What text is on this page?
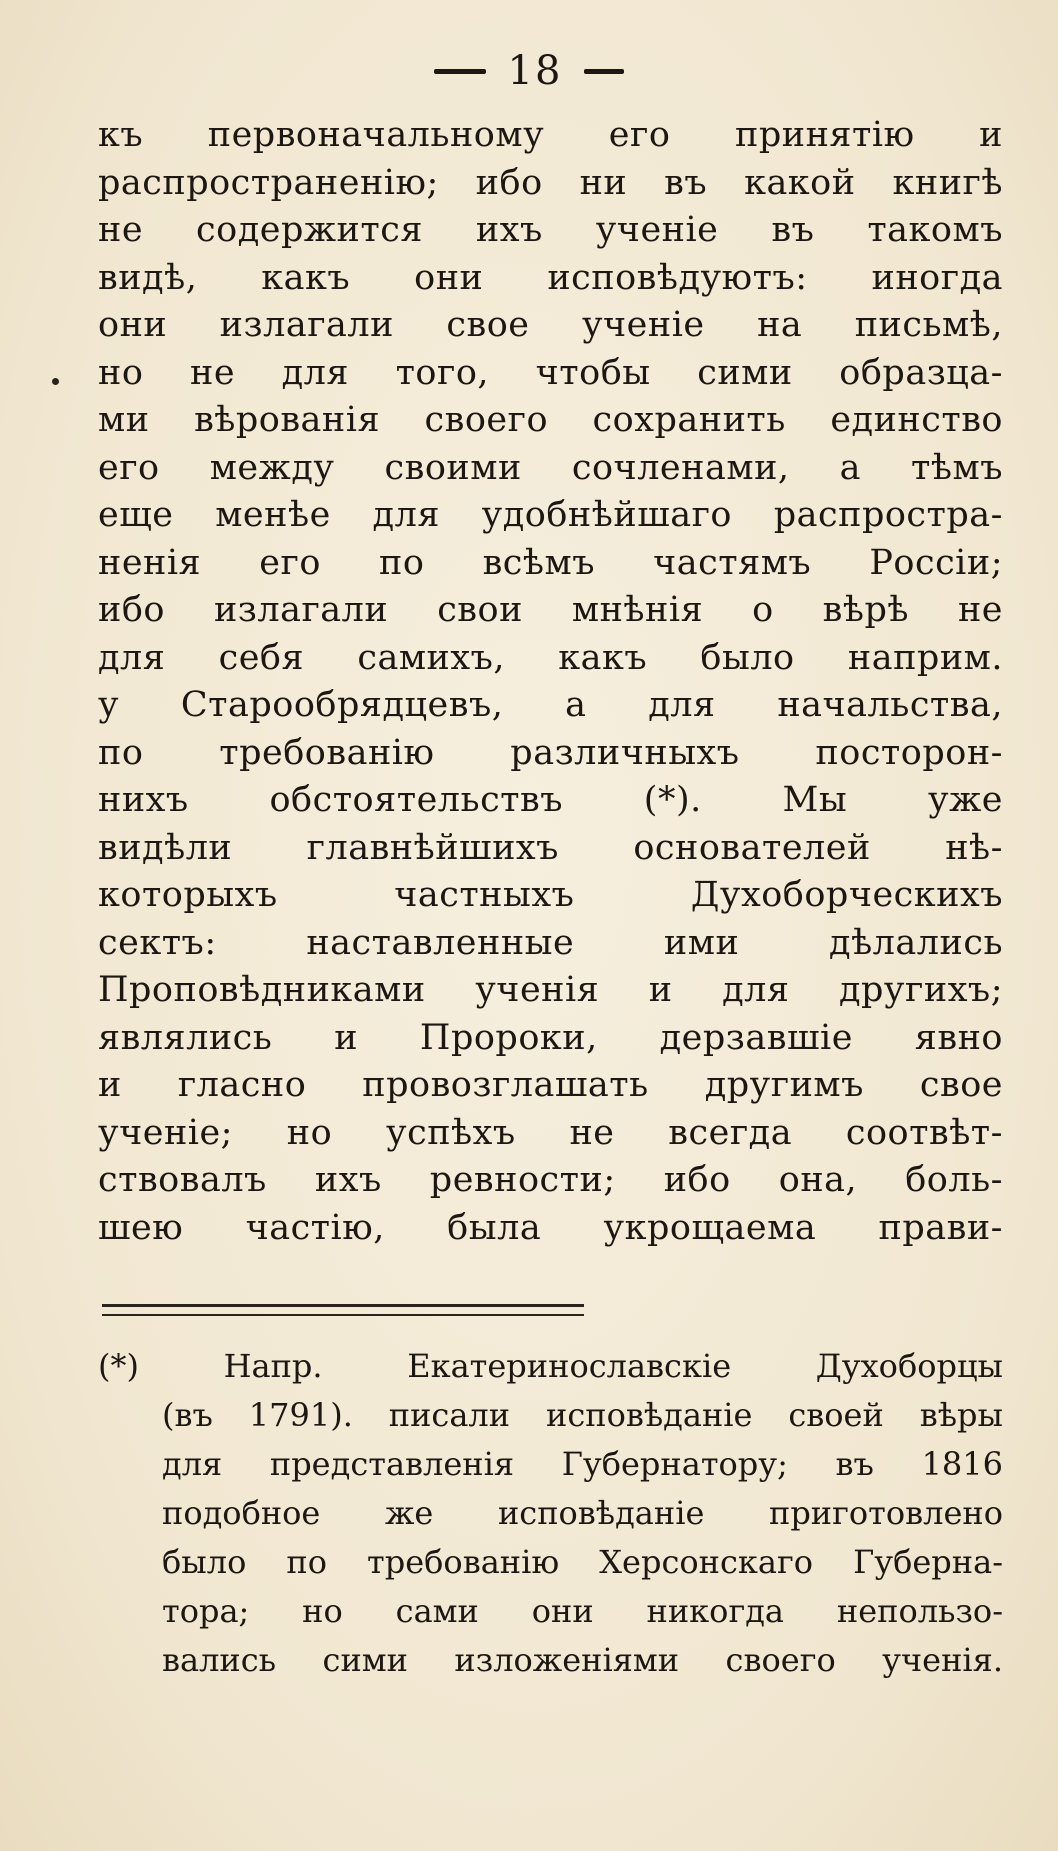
18
къ первоначальному его принятію и
распространенію; ибо ни въ какой книгѣ
не содержится ихъ ученіе въ такомъ
видѣ, какъ они исповѣдуютъ: иногда
они излагали свое ученіе на письмѣ,
но не для того, чтобы сими образца-
ми вѣрованія своего сохранить единство
его между своими сочленами, а тѣмъ
еще менѣе для удобнѣйшаго распростра-
ненія его по всѣмъ частямъ Россіи;
ибо излагали свои мнѣнія о вѣрѣ не
для себя самихъ, какъ было наприм.
у Старообрядцевъ, а для начальства,
по требованію различныхъ посторон-
нихъ обстоятельствъ (*). Мы уже
видѣли главнѣйшихъ основателей нѣ-
которыхъ частныхъ Духоборческихъ
сектъ: наставленные ими дѣлались
Проповѣдниками ученія и для другихъ;
являлись и Пророки, дерзавшіе явно
и гласно провозглашать другимъ свое
ученіе; но успѣхъ не всегда соотвѣт-
ствовалъ ихъ ревности; ибо она, боль-
шею частію, была укрощаема прави-
(*) Напр. Екатеринославскіе Духоборцы
(въ 1791). писали исповѣданіе своей вѣры
для представленія Губернатору; въ 1816
подобное же исповѣданіе приготовлено
было по требованію Херсонскаго Губерна-
тора; но сами они никогда непользо-
вались сими изложеніями своего ученія.
